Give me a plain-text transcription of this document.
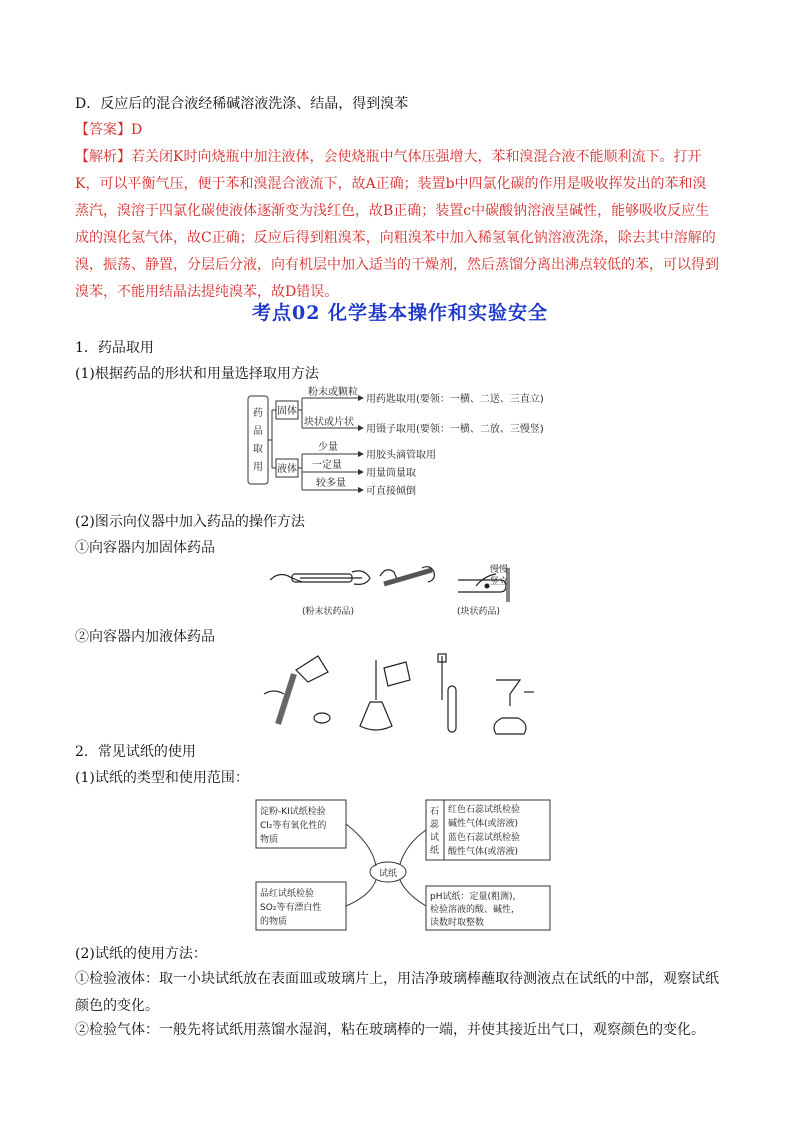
D．反应后的混合液经稀碱溶液洗涤、结晶，得到溴苯
【答案】D
【解析】若关闭K时向烧瓶中加注液体，会使烧瓶中气体压强增大，苯和溴混合液不能顺利流下。打开K，可以平衡气压，便于苯和溴混合液流下，故A正确；装置b中四氯化碳的作用是吸收挥发出的苯和溴蒸汽，溴溶于四氯化碳使液体逐渐变为浅红色，故B正确；装置c中碳酸钠溶液呈碱性，能够吸收反应生成的溴化氢气体，故C正确；反应后得到粗溴苯，向粗溴苯中加入稀氢氧化钠溶液洗涤，除去其中溶解的溴，振荡、静置，分层后分液，向有机层中加入适当的干燥剂，然后蒸馏分离出沸点较低的苯，可以得到溴苯，不能用结晶法提纯溴苯，故D错误。
考点02 化学基本操作和实验安全
1．药品取用
(1)根据药品的形状和用量选择取用方法
药
品
取
用
固体
液体
粉末或颗粒
块状或片状
少量
一定量
较多量
用药匙取用(要领：一横、二送、三直立)
用镊子取用(要领：一横、二放、三慢竖)
用胶头滴管取用
用量筒量取
可直接倾倒
(2)图示向仪器中加入药品的操作方法
①向容器内加固体药品
慢慢
竖立
(粉末状药品)	(块状药品)
②向容器内加液体药品
2．常见试纸的使用
(1)试纸的类型和使用范围：
试纸
淀粉-KI试纸检验
Cl₂等有氧化性的
物质
石
蕊
试
纸
红色石蕊试纸检验
碱性气体(或溶液)
蓝色石蕊试纸检验
酸性气体(或溶液)
品红试纸检验
SO₂等有漂白性
的物质
pH试纸：定量(粗测)，
检验溶液的酸、碱性，
读数时取整数
(2)试纸的使用方法：
①检验液体：取一小块试纸放在表面皿或玻璃片上，用洁净玻璃棒蘸取待测液点在试纸的中部，观察试纸颜色的变化。
②检验气体：一般先将试纸用蒸馏水湿润，粘在玻璃棒的一端，并使其接近出气口，观察颜色的变化。
